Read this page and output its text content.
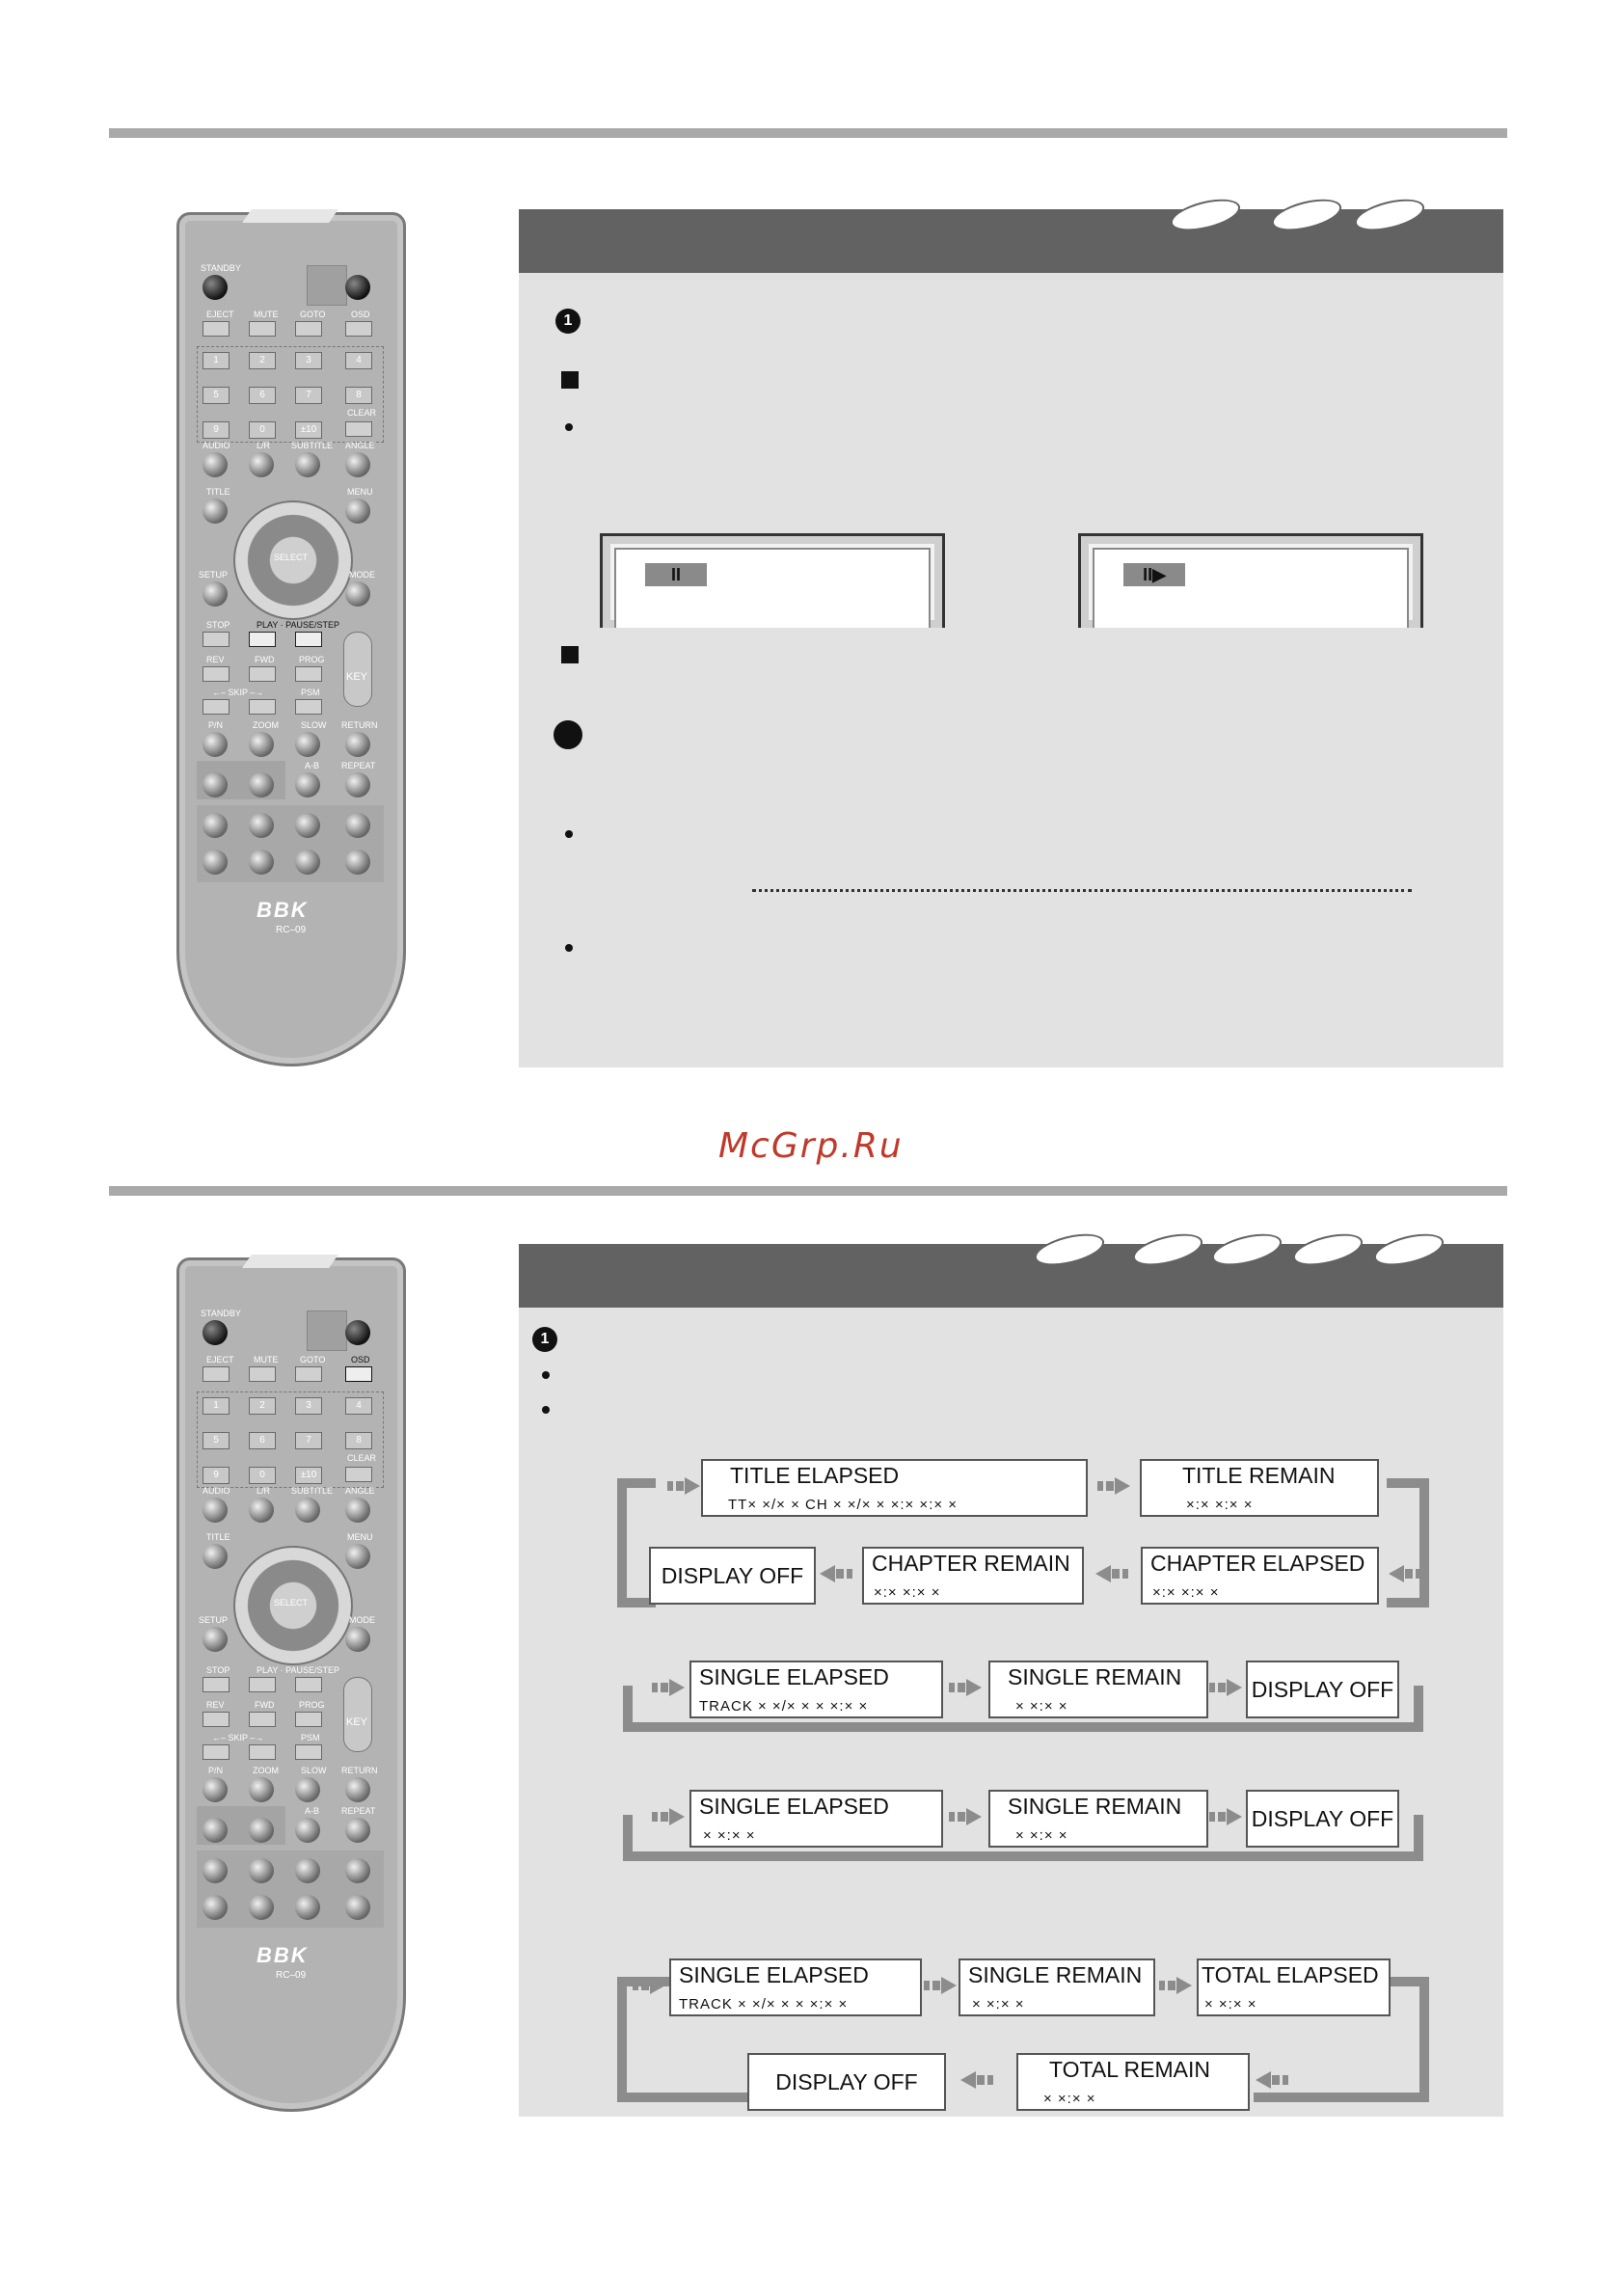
STANDBY
EJECT MUTE	GOTO	OSD
1	2	3	4
5	6	7	8
CLEAR
9	0	±10
AUDIO	L/R SUBTITLE ANGLE
TITLE	MENU
SELECT
SETUP	MODE
STOP	PLAY · PAUSE/STEP
KEY
REV	FWD	PROG
←– SKIP –→	PSM
P/N	ZOOM	SLOW RETURN
A-B	REPEAT
BBK
RC–09
1
II	II▶
McGrp.Ru
STANDBY
EJECT MUTE	GOTO	OSD
1	2	3	4
5	6	7	8
CLEAR
9	0	±10
AUDIO	L/R SUBTITLE ANGLE
TITLE	MENU
SELECT
SETUP	MODE
STOP	PLAY · PAUSE/STEP
KEY
REV	FWD	PROG
←– SKIP –→	PSM
P/N	ZOOM	SLOW RETURN
A-B	REPEAT
BBK
RC–09
1
TITLE ELAPSED
TT× ×/× × CH × ×/× × ×:× ×:× ×
TITLE REMAIN
×:× ×:× ×
CHAPTER ELAPSED
×:× ×:× ×
CHAPTER REMAIN
×:× ×:× ×
DISPLAY OFF
SINGLE ELAPSED
TRACK × ×/× × × ×:× ×
SINGLE REMAIN
× ×:× ×
DISPLAY OFF
SINGLE ELAPSED
× ×:× ×
SINGLE REMAIN
× ×:× ×
DISPLAY OFF
SINGLE ELAPSED
TRACK × ×/× × × ×:× ×
SINGLE REMAIN
× ×:× ×
TOTAL ELAPSED
× ×:× ×
TOTAL REMAIN
× ×:× ×
DISPLAY OFF
